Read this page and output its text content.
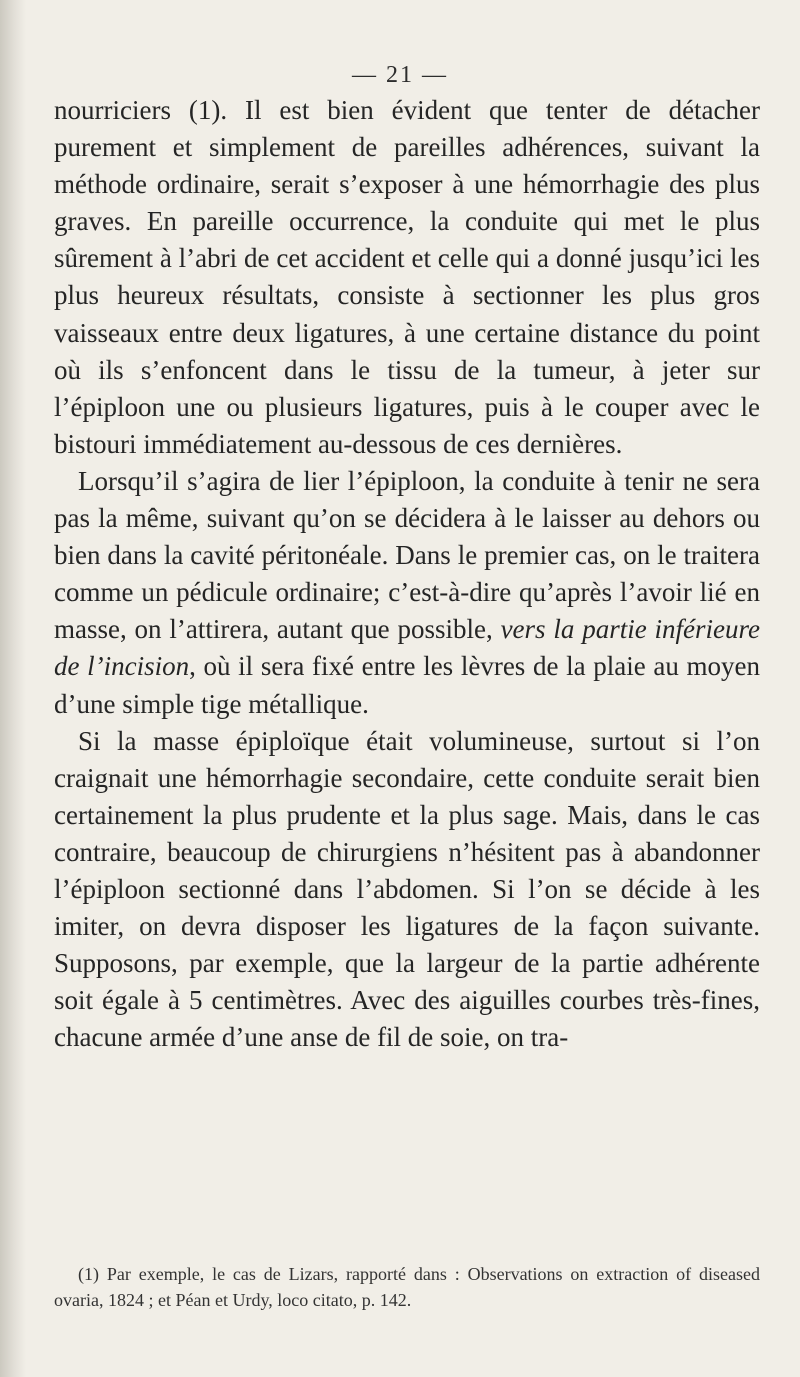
— 21 —

nourriciers (1). Il est bien évident que tenter de détacher purement et simplement de pareilles adhérences, suivant la méthode ordinaire, serait s’exposer à une hémorrhagie des plus graves. En pareille occurrence, la conduite qui met le plus sûrement à l’abri de cet accident et celle qui a donné jusqu’ici les plus heureux résultats, consiste à sectionner les plus gros vaisseaux entre deux ligatures, à une certaine distance du point où ils s’enfoncent dans le tissu de la tumeur, à jeter sur l’épiploon une ou plusieurs ligatures, puis à le couper avec le bistouri immédiatement au-dessous de ces dernières.

Lorsqu’il s’agira de lier l’épiploon, la conduite à tenir ne sera pas la même, suivant qu’on se décidera à le laisser au dehors ou bien dans la cavité péritonéale. Dans le premier cas, on le traitera comme un pédicule ordinaire; c’est-à-dire qu’après l’avoir lié en masse, on l’attirera, autant que possible, vers la partie inférieure de l’incision, où il sera fixé entre les lèvres de la plaie au moyen d’une simple tige métallique.

Si la masse épiploïque était volumineuse, surtout si l’on craignait une hémorrhagie secondaire, cette conduite serait bien certainement la plus prudente et la plus sage. Mais, dans le cas contraire, beaucoup de chirurgiens n’hésitent pas à abandonner l’épiploon sectionné dans l’abdomen. Si l’on se décide à les imiter, on devra disposer les ligatures de la façon suivante. Supposons, par exemple, que la largeur de la partie adhérente soit égale à 5 centimètres. Avec des aiguilles courbes très-fines, chacune armée d’une anse de fil de soie, on tra-

(1) Par exemple, le cas de Lizars, rapporté dans : Observations on extraction of diseased ovaria, 1824 ; et Péan et Urdy, loco citato, p. 142.
